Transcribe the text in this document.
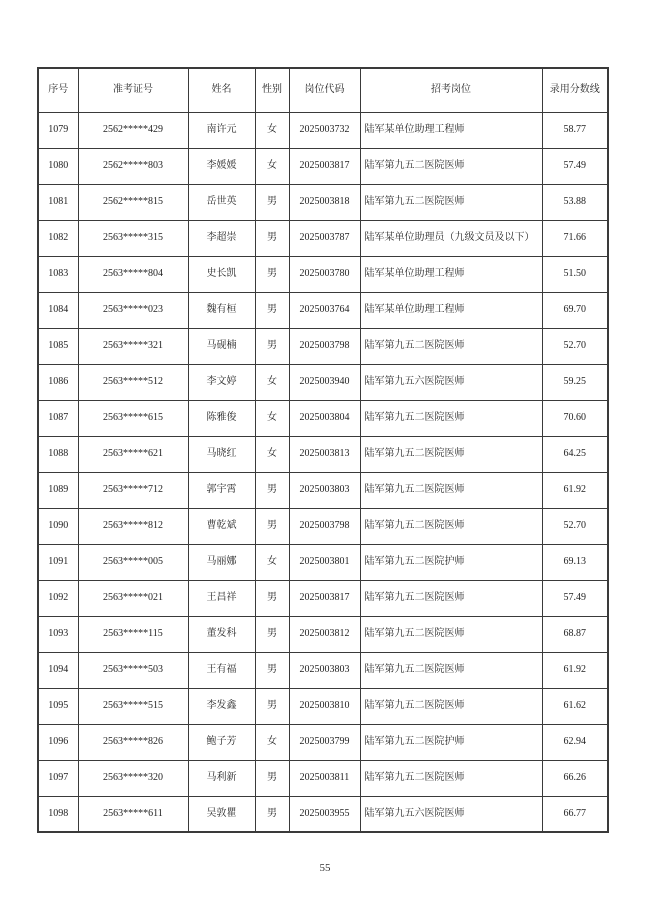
序号	准考证号	姓名	性别	岗位代码	招考岗位	录用分数线
1079	2562*****429	南许元	女	2025003732	陆军某单位助理工程师	58.77
1080	2562*****803	李媛媛	女	2025003817	陆军第九五二医院医师	57.49
1081	2562*****815	岳世英	男	2025003818	陆军第九五二医院医师	53.88
1082	2563*****315	李超崇	男	2025003787	陆军某单位助理员（九级文员及以下）	71.66
1083	2563*****804	史长凯	男	2025003780	陆军某单位助理工程师	51.50
1084	2563*****023	魏有桓	男	2025003764	陆军某单位助理工程师	69.70
1085	2563*****321	马砚楠	男	2025003798	陆军第九五二医院医师	52.70
1086	2563*****512	李文婷	女	2025003940	陆军第九五六医院医师	59.25
1087	2563*****615	陈雅俊	女	2025003804	陆军第九五二医院医师	70.60
1088	2563*****621	马晓红	女	2025003813	陆军第九五二医院医师	64.25
1089	2563*****712	郭宇霄	男	2025003803	陆军第九五二医院医师	61.92
1090	2563*****812	曹乾斌	男	2025003798	陆军第九五二医院医师	52.70
1091	2563*****005	马丽娜	女	2025003801	陆军第九五二医院护师	69.13
1092	2563*****021	王昌祥	男	2025003817	陆军第九五二医院医师	57.49
1093	2563*****115	董发科	男	2025003812	陆军第九五二医院医师	68.87
1094	2563*****503	王有福	男	2025003803	陆军第九五二医院医师	61.92
1095	2563*****515	李发鑫	男	2025003810	陆军第九五二医院医师	61.62
1096	2563*****826	鲍子芳	女	2025003799	陆军第九五二医院护师	62.94
1097	2563*****320	马利新	男	2025003811	陆军第九五二医院医师	66.26
1098	2563*****611	吴敦瞿	男	2025003955	陆军第九五六医院医师	66.77
55
